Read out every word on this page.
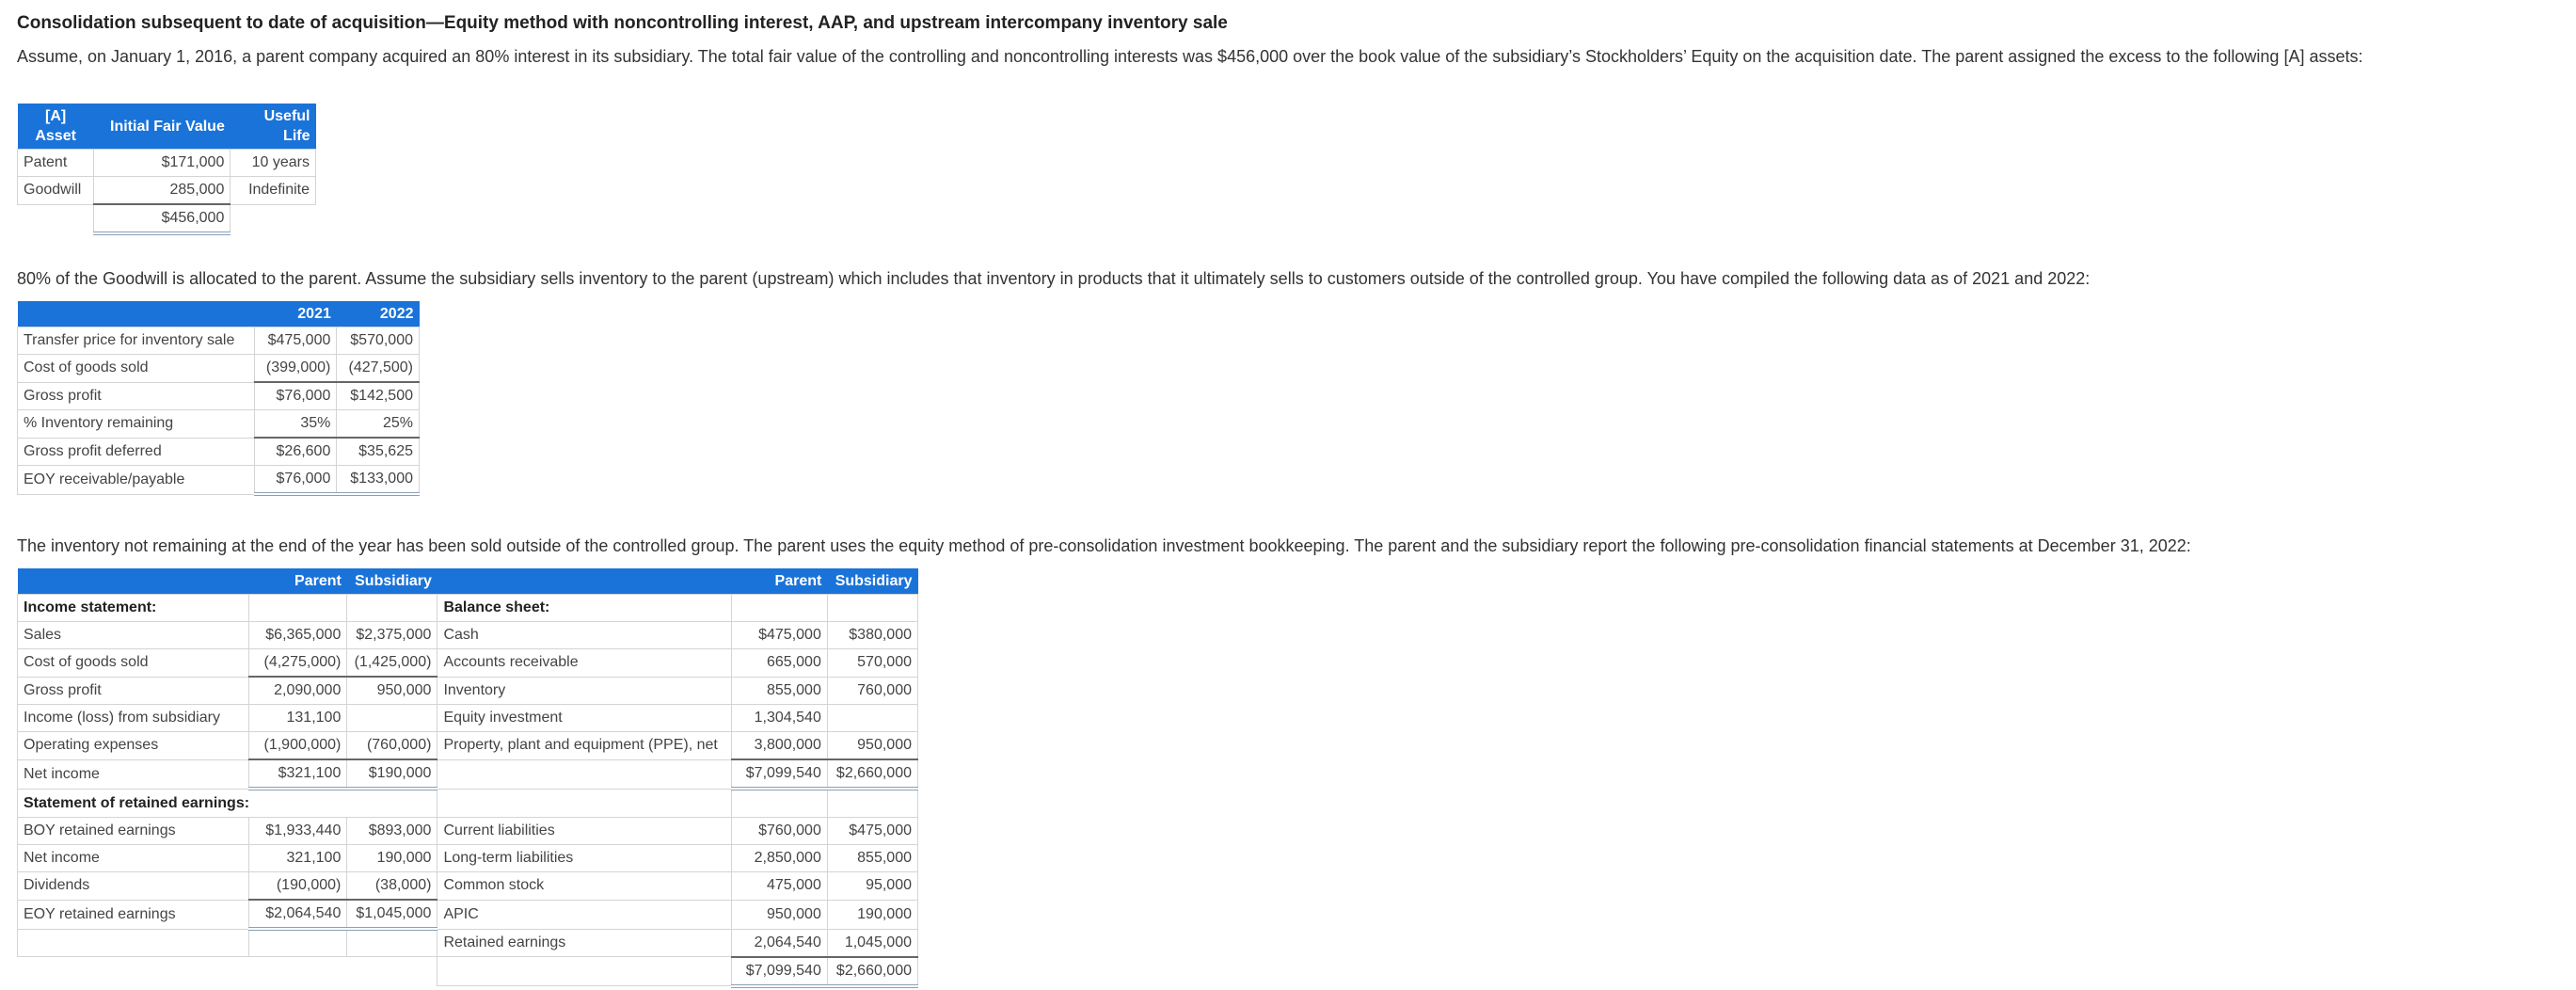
Consolidation subsequent to date of acquisition—Equity method with noncontrolling interest, AAP, and upstream intercompany inventory sale

Assume, on January 1, 2016, a parent company acquired an 80% interest in its subsidiary. The total fair value of the controlling and noncontrolling interests was $456,000 over the book value of the subsidiary’s Stockholders’ Equity on the acquisition date. The parent assigned the excess to the following [A] assets:

[A]
Asset	Initial Fair Value	Useful
Life
Patent	$171,000	10 years
Goodwill	285,000	Indefinite
	$456,000	

80% of the Goodwill is allocated to the parent. Assume the subsidiary sells inventory to the parent (upstream) which includes that inventory in products that it ultimately sells to customers outside of the controlled group. You have compiled the following data as of 2021 and 2022:

	2021	2022
Transfer price for inventory sale	$475,000	$570,000
Cost of goods sold	(399,000)	(427,500)
Gross profit	$76,000	$142,500
% Inventory remaining	35%	25%
Gross profit deferred	$26,600	$35,625
EOY receivable/payable	$76,000	$133,000

The inventory not remaining at the end of the year has been sold outside of the controlled group. The parent uses the equity method of pre-consolidation investment bookkeeping. The parent and the subsidiary report the following pre-consolidation financial statements at December 31, 2022:

	Parent	Subsidiary		Parent	Subsidiary
Income statement:			Balance sheet:		
Sales	$6,365,000	$2,375,000	Cash	$475,000	$380,000
Cost of goods sold	(4,275,000)	(1,425,000)	Accounts receivable	665,000	570,000
Gross profit	2,090,000	950,000	Inventory	855,000	760,000
Income (loss) from subsidiary	131,100		Equity investment	1,304,540	
Operating expenses	(1,900,000)	(760,000)	Property, plant and equipment (PPE), net	3,800,000	950,000
Net income	$321,100	$190,000		$7,099,540	$2,660,000
Statement of retained earnings:					
BOY retained earnings	$1,933,440	$893,000	Current liabilities	$760,000	$475,000
Net income	321,100	190,000	Long-term liabilities	2,850,000	855,000
Dividends	(190,000)	(38,000)	Common stock	475,000	95,000
EOY retained earnings	$2,064,540	$1,045,000	APIC	950,000	190,000
			Retained earnings	2,064,540	1,045,000
				$7,099,540	$2,660,000
